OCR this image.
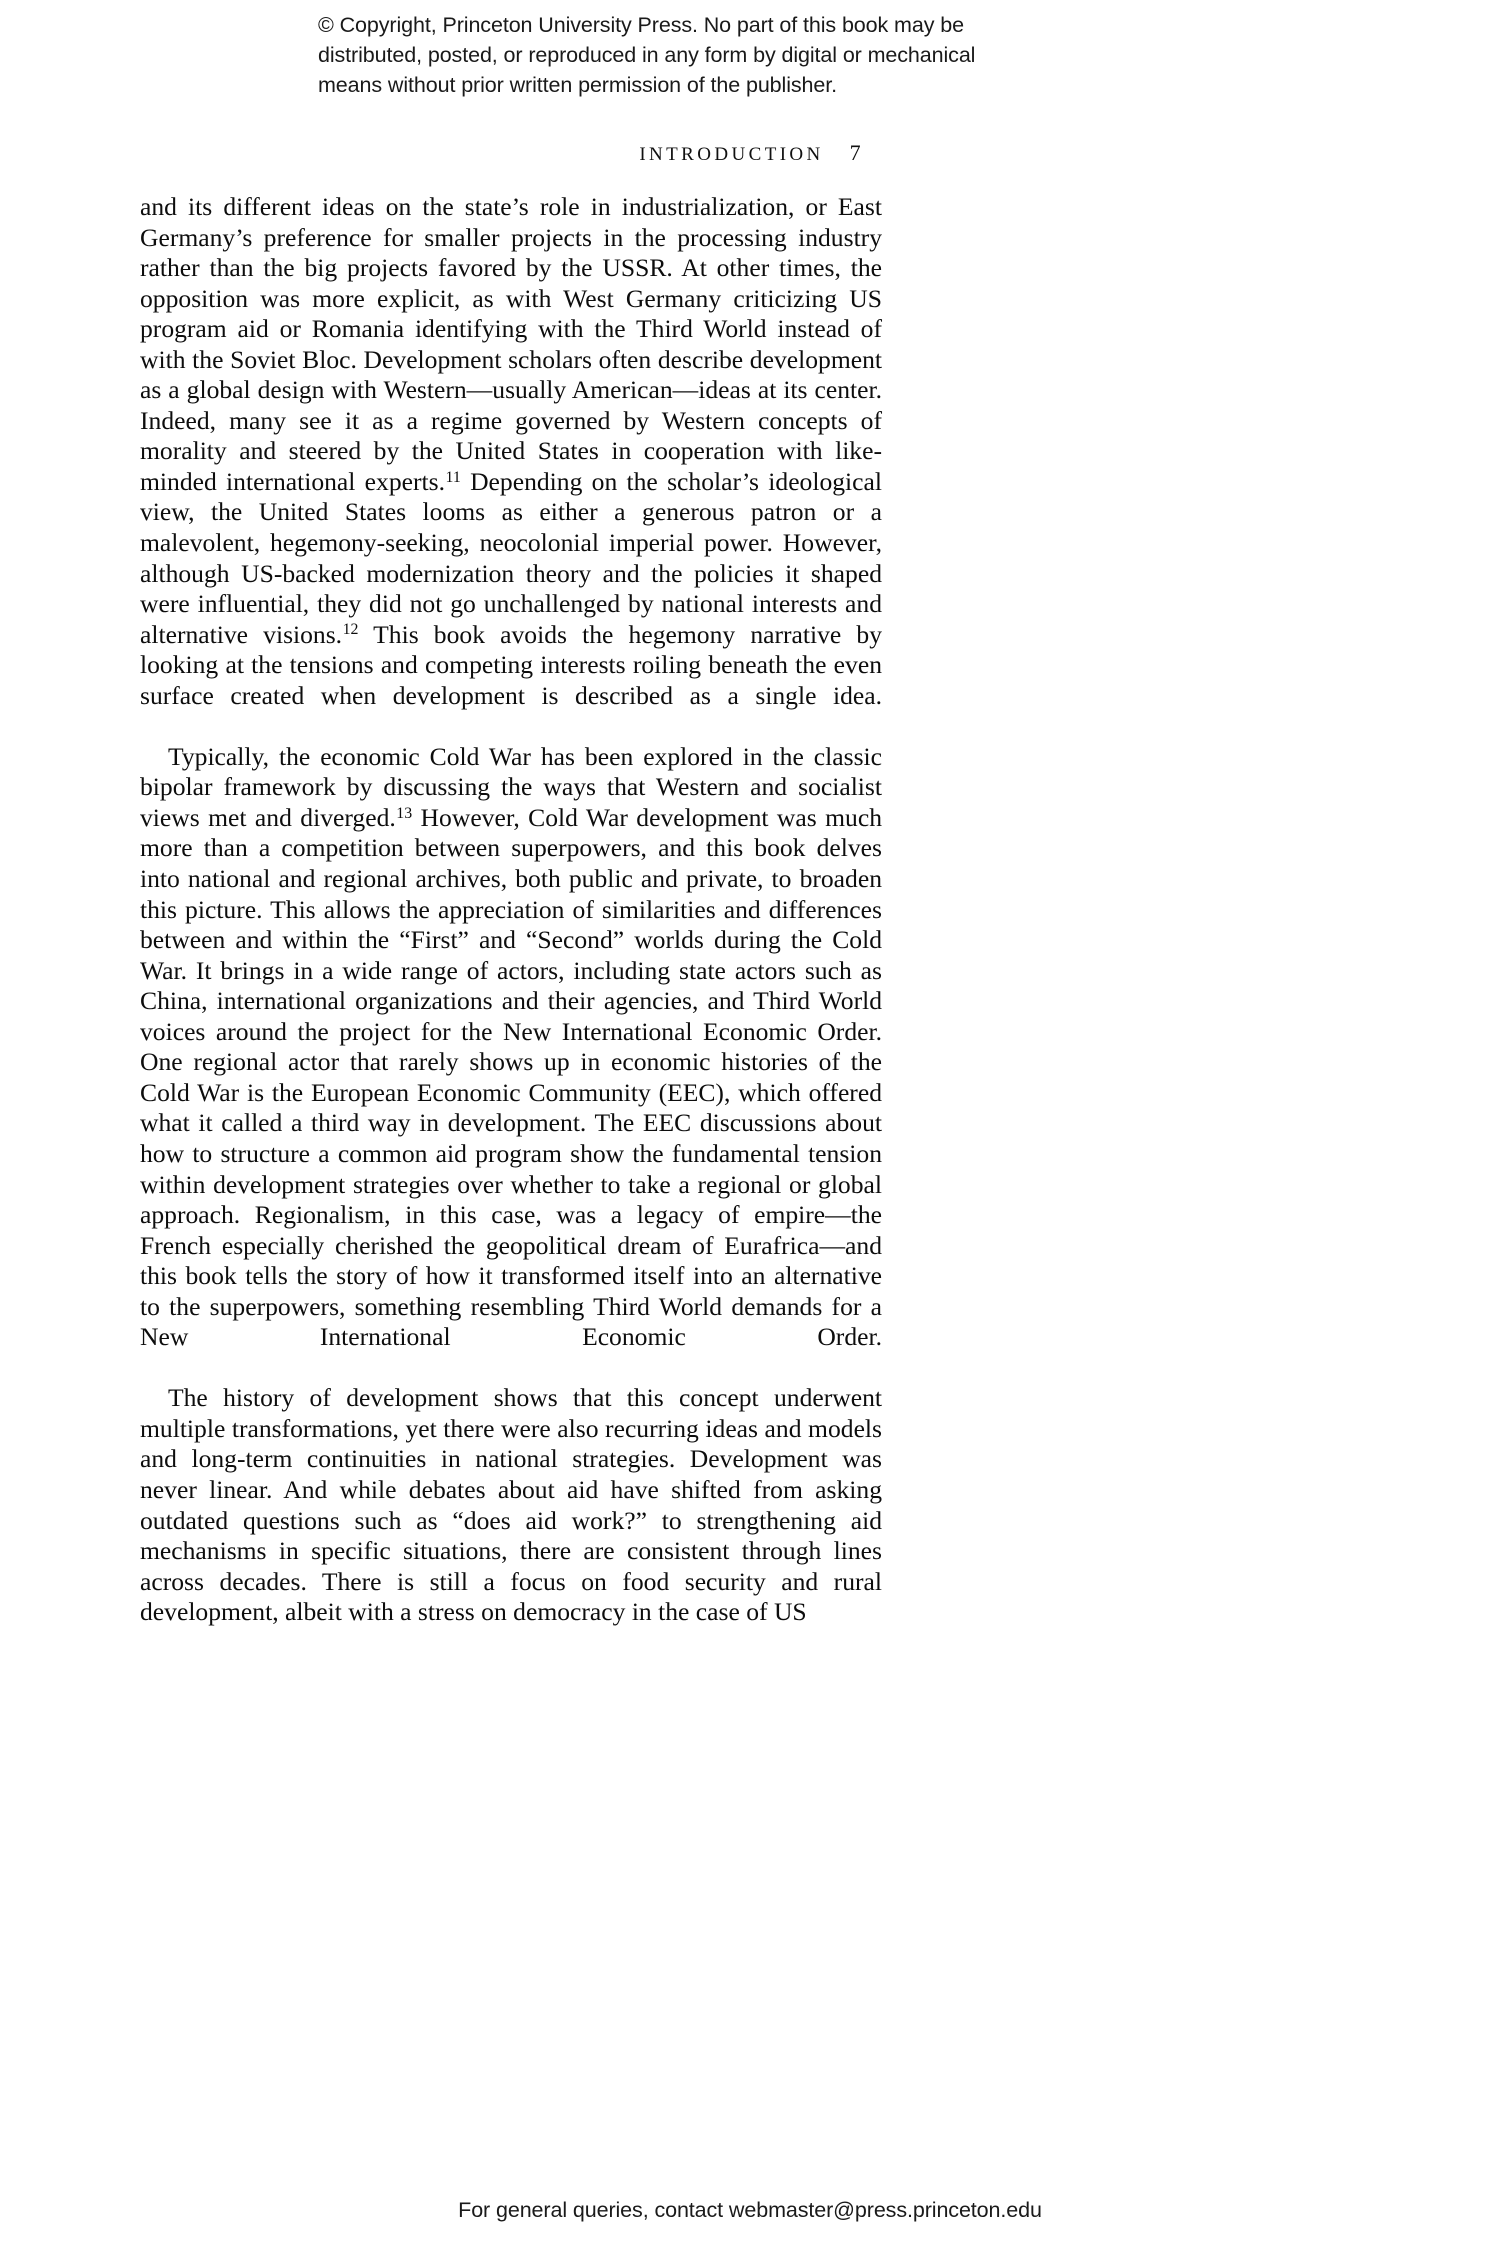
© Copyright, Princeton University Press. No part of this book may be
distributed, posted, or reproduced in any form by digital or mechanical
means without prior written permission of the publisher.
INTRODUCTION 7

and its different ideas on the state’s role in industrialization, or East Germany’s preference for smaller projects in the processing industry rather than the big projects favored by the USSR. At other times, the opposition was more explicit, as with West Germany criticizing US program aid or Romania identifying with the Third World instead of with the Soviet Bloc. Development scholars often describe development as a global design with Western—usually American—ideas at its center. Indeed, many see it as a regime governed by Western concepts of morality and steered by the United States in cooperation with like-minded international experts.$^{11}$ Depending on the scholar’s ideological view, the United States looms as either a generous patron or a malevolent, hegemony-seeking, neocolonial imperial power. However, although US-backed modernization theory and the policies it shaped were influential, they did not go unchallenged by national interests and alternative visions.$^{12}$ This book avoids the hegemony narrative by looking at the tensions and competing interests roiling beneath the even surface created when development is described as a single idea.

Typically, the economic Cold War has been explored in the classic bipolar framework by discussing the ways that Western and socialist views met and diverged.$^{13}$ However, Cold War development was much more than a competition between superpowers, and this book delves into national and regional archives, both public and private, to broaden this picture. This allows the appreciation of similarities and differences between and within the “First” and “Second” worlds during the Cold War. It brings in a wide range of actors, including state actors such as China, international organizations and their agencies, and Third World voices around the project for the New International Economic Order. One regional actor that rarely shows up in economic histories of the Cold War is the European Economic Community (EEC), which offered what it called a third way in development. The EEC discussions about how to structure a common aid program show the fundamental tension within development strategies over whether to take a regional or global approach. Regionalism, in this case, was a legacy of empire—the French especially cherished the geopolitical dream of Eurafrica—and this book tells the story of how it transformed itself into an alternative to the superpowers, something resembling Third World demands for a New International Economic Order.

The history of development shows that this concept underwent multiple transformations, yet there were also recurring ideas and models and long-term continuities in national strategies. Development was never linear. And while debates about aid have shifted from asking outdated questions such as “does aid work?” to strengthening aid mechanisms in specific situations, there are consistent through lines across decades. There is still a focus on food security and rural development, albeit with a stress on democracy in the case of US

For general queries, contact webmaster@press.princeton.edu
